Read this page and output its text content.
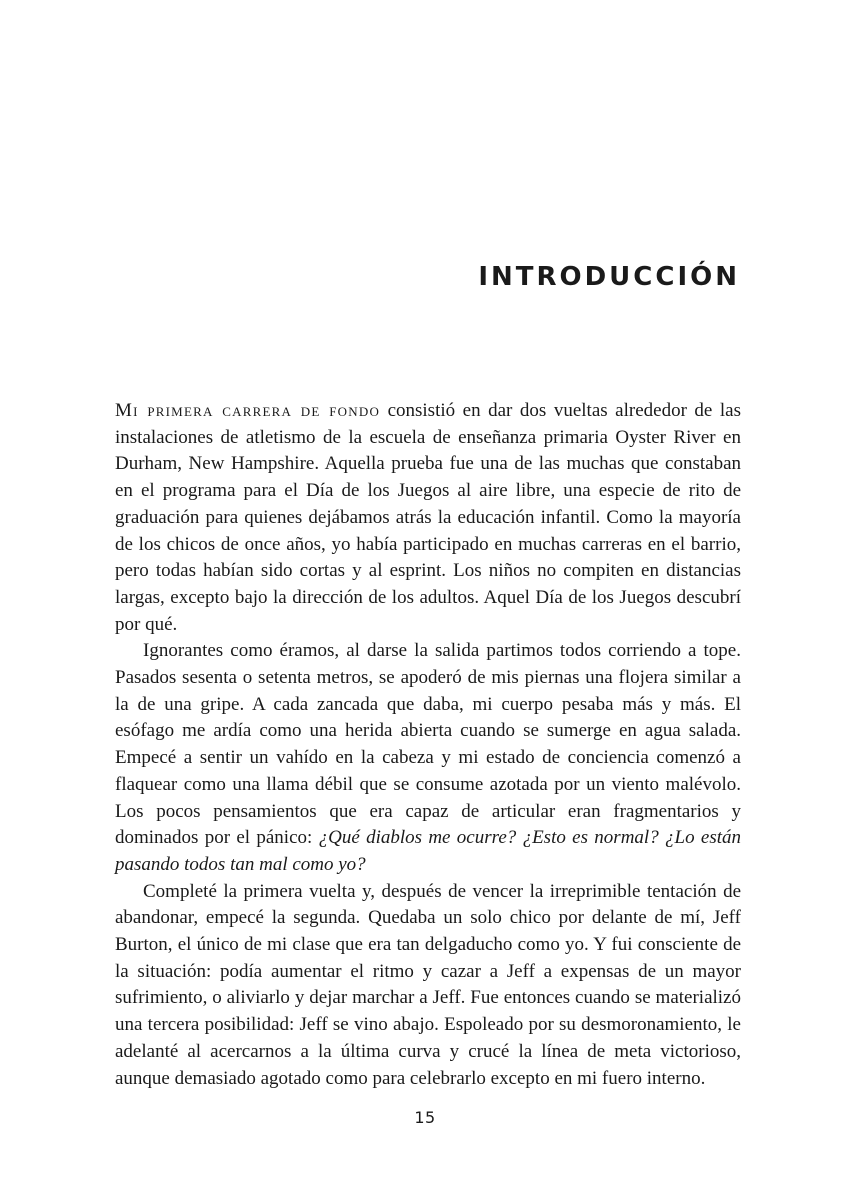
INTRODUCCIÓN

Mi primera carrera de fondo consistió en dar dos vueltas alrededor de las instalaciones de atletismo de la escuela de enseñanza primaria Oyster River en Durham, New Hampshire. Aquella prueba fue una de las muchas que constaban en el programa para el Día de los Juegos al aire libre, una especie de rito de graduación para quienes dejábamos atrás la educación infantil. Como la mayoría de los chicos de once años, yo había participado en muchas carreras en el barrio, pero todas habían sido cortas y al esprint. Los niños no compiten en distancias largas, excepto bajo la dirección de los adultos. Aquel Día de los Juegos descubrí por qué.

Ignorantes como éramos, al darse la salida partimos todos corriendo a tope. Pasados sesenta o setenta metros, se apoderó de mis piernas una flojera similar a la de una gripe. A cada zancada que daba, mi cuerpo pesaba más y más. El esófago me ardía como una herida abierta cuando se sumerge en agua salada. Empecé a sentir un vahído en la cabeza y mi estado de conciencia comenzó a flaquear como una llama débil que se consume azotada por un viento malévolo. Los pocos pensamientos que era capaz de articular eran fragmentarios y dominados por el pánico: ¿Qué diablos me ocurre? ¿Esto es normal? ¿Lo están pasando todos tan mal como yo?

Completé la primera vuelta y, después de vencer la irreprimible tentación de abandonar, empecé la segunda. Quedaba un solo chico por delante de mí, Jeff Burton, el único de mi clase que era tan delgaducho como yo. Y fui consciente de la situación: podía aumentar el ritmo y cazar a Jeff a expensas de un mayor sufrimiento, o aliviarlo y dejar marchar a Jeff. Fue entonces cuando se materializó una tercera posibilidad: Jeff se vino abajo. Espoleado por su desmoronamiento, le adelanté al acercarnos a la última curva y crucé la línea de meta victorioso, aunque demasiado agotado como para celebrarlo excepto en mi fuero interno.

15
